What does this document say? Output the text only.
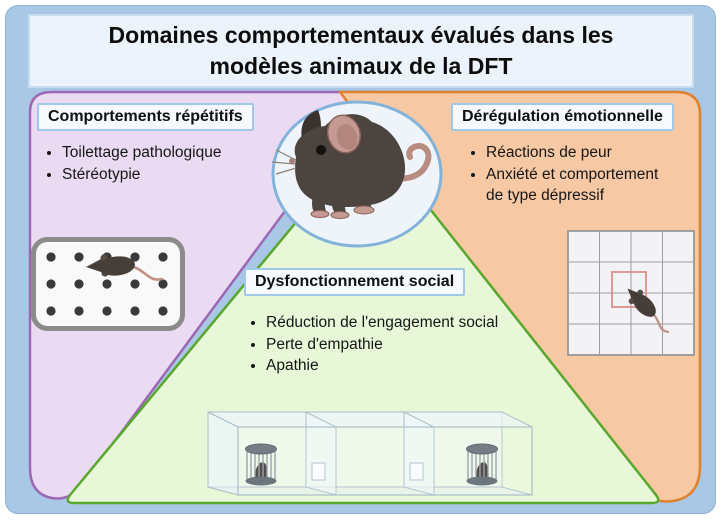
Domaines comportementaux évalués dans les
modèles animaux de la DFT
Comportements répétitifs
• Toilettage pathologique
• Stéréotypie
Dérégulation émotionnelle
• Réactions de peur
• Anxiété et comportement de type dépressif
Dysfonctionnement social
• Réduction de l'engagement social
• Perte d'empathie
• Apathie
